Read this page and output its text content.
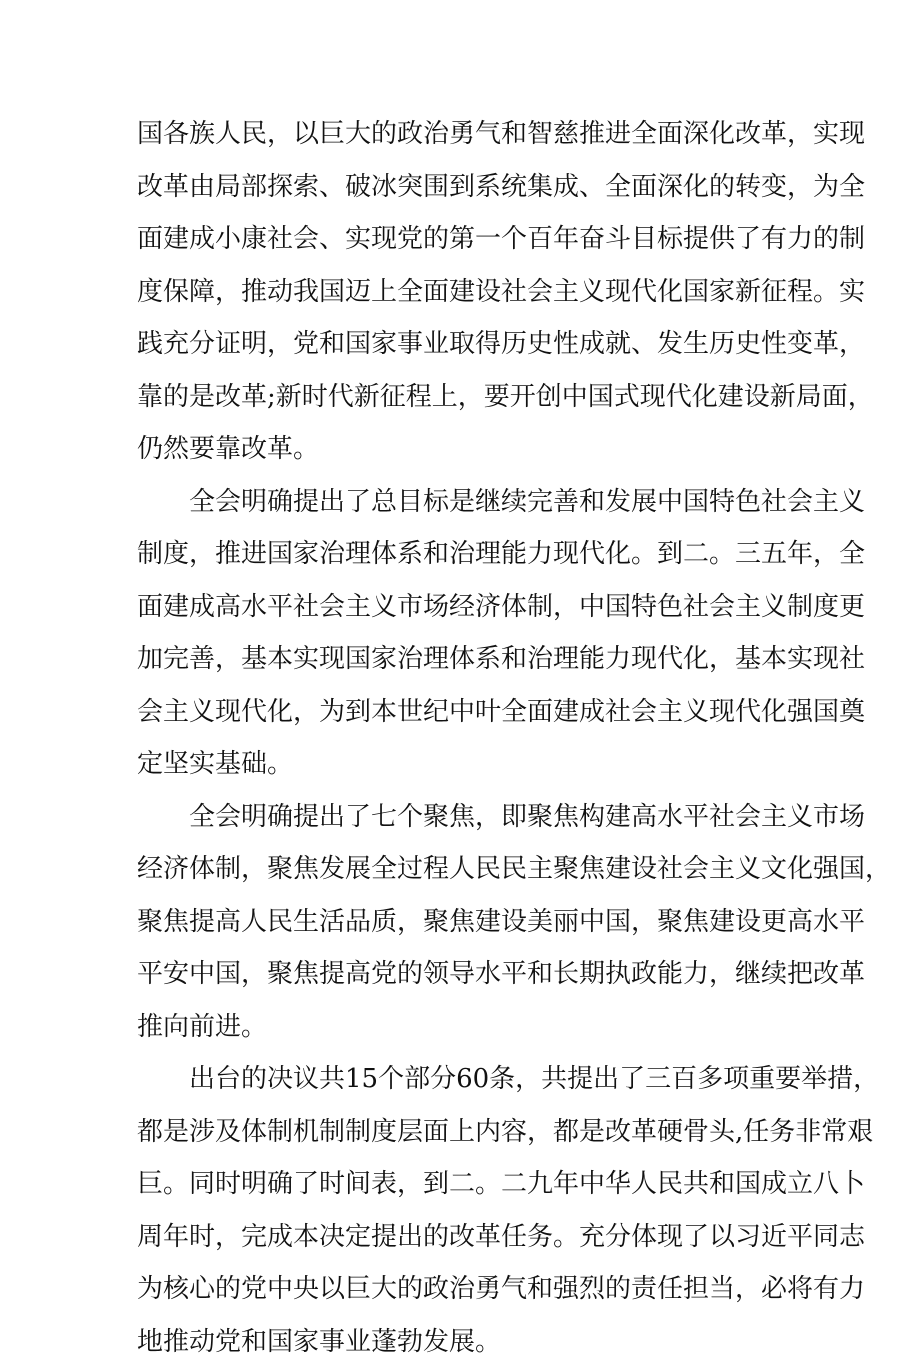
国各族人民，以巨大的政治勇气和智慈推进全面深化改革，实现
改革由局部探索、破冰突围到系统集成、全面深化的转变，为全
面建成小康社会、实现党的第一个百年奋斗目标提供了有力的制
度保障，推动我国迈上全面建设社会主义现代化国家新征程。实
践充分证明，党和国家事业取得历史性成就、发生历史性变革，
靠的是改革;新时代新征程上，要开创中国式现代化建设新局面，
仍然要靠改革。
全会明确提出了总目标是继续完善和发展中国特色社会主义
制度，推进国家治理体系和治理能力现代化。到二。三五年，全
面建成高水平社会主义市场经济体制，中国特色社会主义制度更
加完善，基本实现国家治理体系和治理能力现代化，基本实现社
会主义现代化，为到本世纪中叶全面建成社会主义现代化强国奠
定坚实基础。
全会明确提出了七个聚焦，即聚焦构建高水平社会主义市场
经济体制，聚焦发展全过程人民民主聚焦建设社会主义文化强国，
聚焦提高人民生活品质，聚焦建设美丽中国，聚焦建设更高水平
平安中国，聚焦提高党的领导水平和长期执政能力，继续把改革
推向前进。
出台的决议共15个部分60条，共提出了三百多项重要举措，
都是涉及体制机制制度层面上内容，都是改革硬骨头,任务非常艰
巨。同时明确了时间表，到二。二九年中华人民共和国成立八卜
周年时，完成本决定提出的改革任务。充分体现了以习近平同志
为核心的党中央以巨大的政治勇气和强烈的责任担当，必将有力
地推动党和国家事业蓬勃发展。
